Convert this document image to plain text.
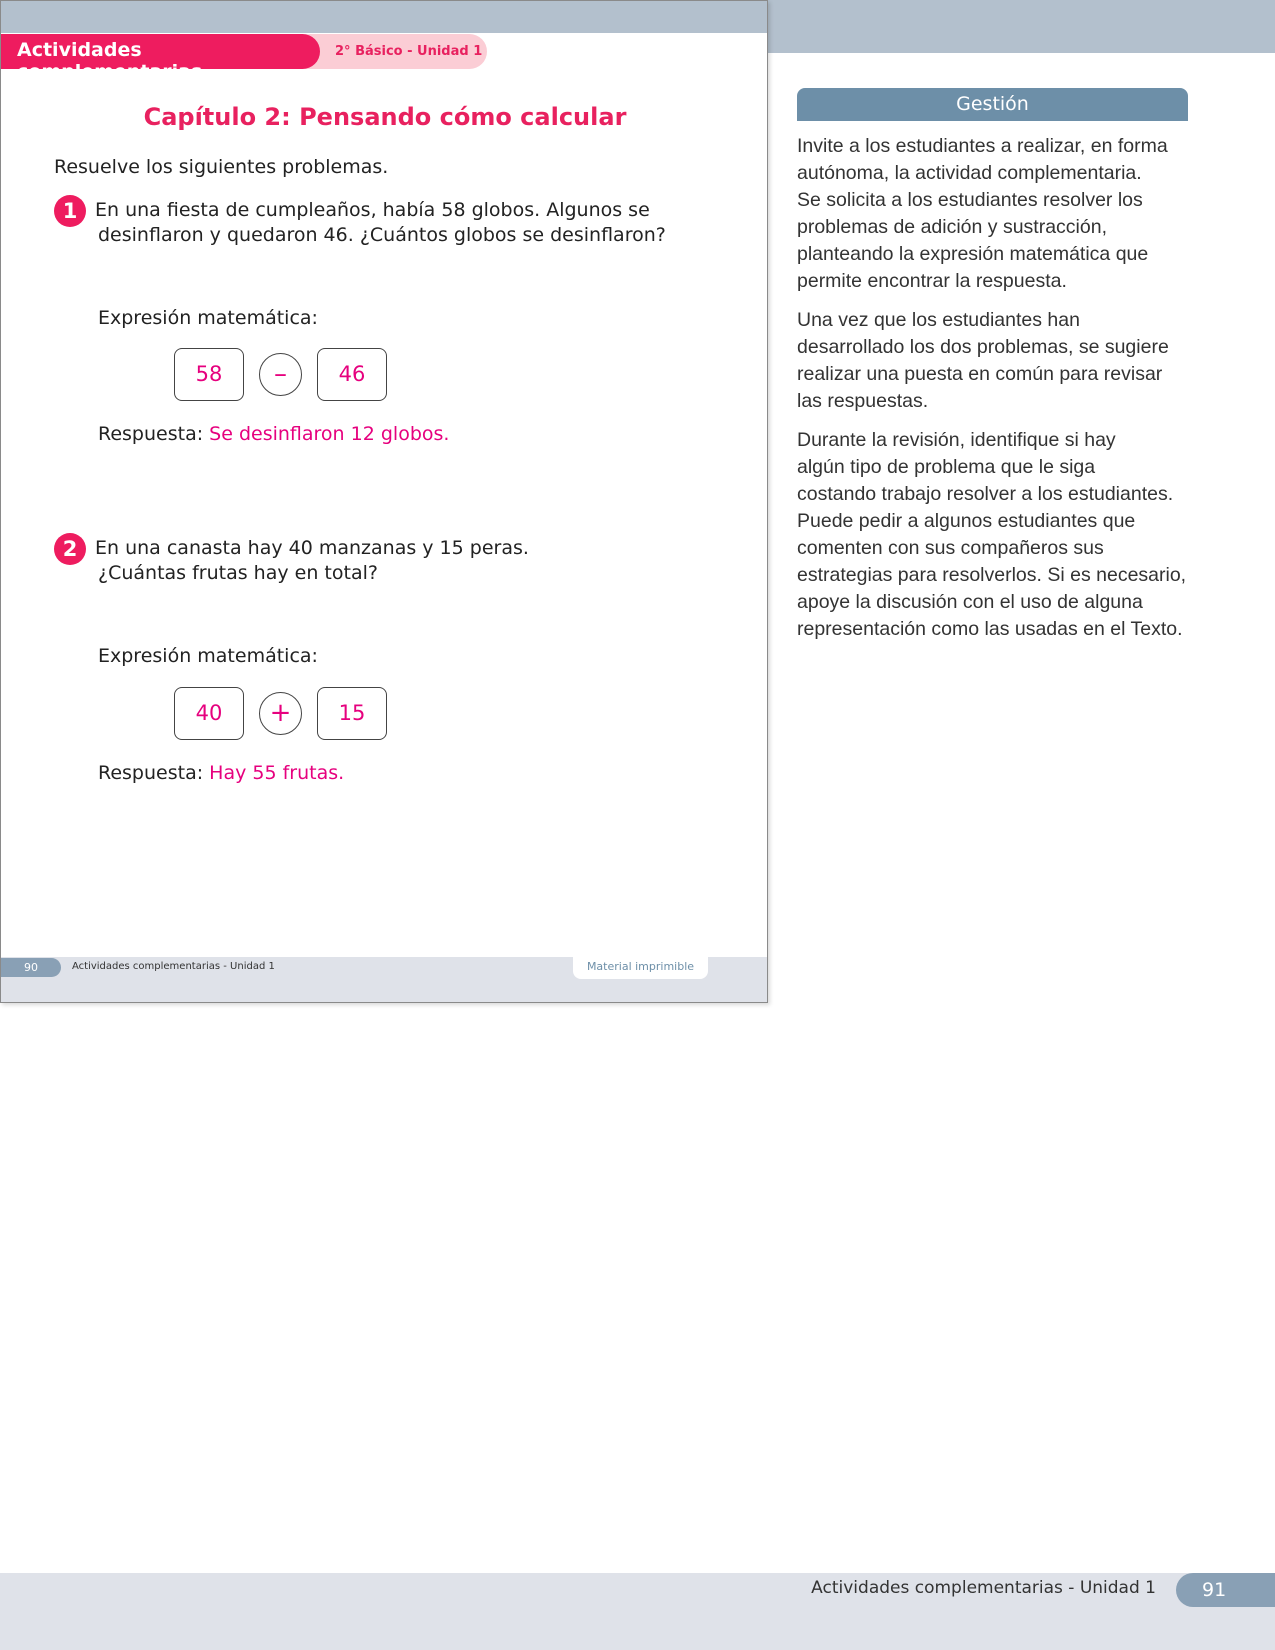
Actividades complementarias - Unidad 1	91
2° Básico - Unidad 1
Actividades complementarias
Capítulo 2: Pensando cómo calcular
Resuelve los siguientes problemas.
1 En una fiesta de cumpleaños, había 58 globos. Algunos se
desinflaron y quedaron 46. ¿Cuántos globos se desinflaron?
Expresión matemática:
58	–	46
Respuesta: Se desinflaron 12 globos.
2 En una canasta hay 40 manzanas y 15 peras.
¿Cuántas frutas hay en total?
Expresión matemática:
40	+	15
Respuesta: Hay 55 frutas.
90	Actividades complementarias - Unidad 1	Material imprimible
Gestión
Invite a los estudiantes a realizar, en forma
autónoma, la actividad complementaria.
Se solicita a los estudiantes resolver los
problemas de adición y sustracción,
planteando la expresión matemática que
permite encontrar la respuesta.
Una vez que los estudiantes han
desarrollado los dos problemas, se sugiere
realizar una puesta en común para revisar
las respuestas.
Durante la revisión, identifique si hay
algún tipo de problema que le siga
costando trabajo resolver a los estudiantes.
Puede pedir a algunos estudiantes que
comenten con sus compañeros sus
estrategias para resolverlos. Si es necesario,
apoye la discusión con el uso de alguna
representación como las usadas en el Texto.
